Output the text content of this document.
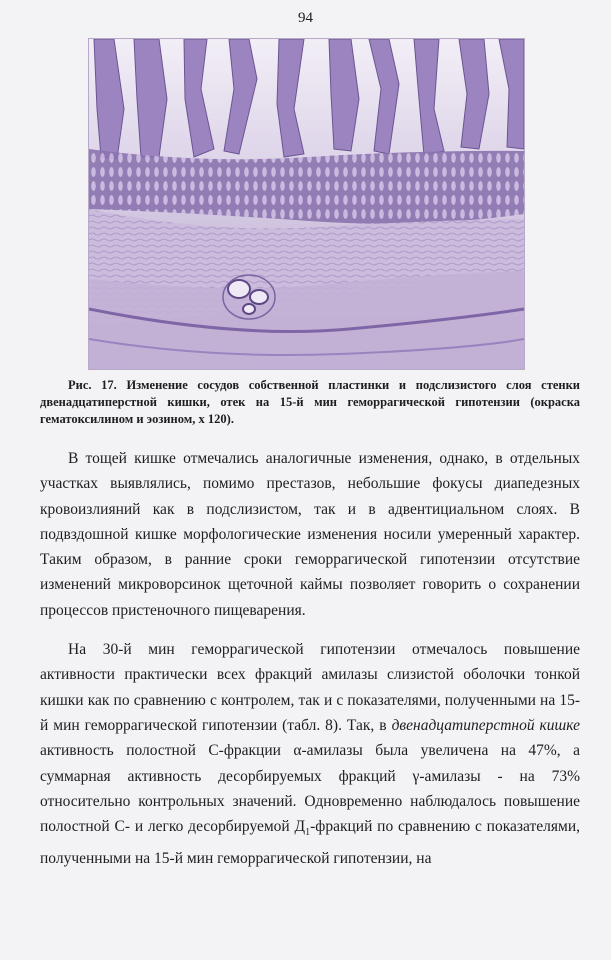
94
Рис. 17. Изменение сосудов собственной пластинки и подслизистого слоя стенки двенадцатиперстной кишки, отек на 15-й мин геморрагической гипотензии (окраска гематоксилином и эозином, х 120).

В тощей кишке отмечались аналогичные изменения, однако, в отдельных участках выявлялись, помимо престазов, небольшие фокусы диапедезных кровоизлияний как в подслизистом, так и в адвентициальном слоях. В подвздошной кишке морфологические изменения носили умеренный характер. Таким образом, в ранние сроки геморрагической гипотензии отсутствие изменений микроворсинок щеточной каймы позволяет говорить о сохранении процессов пристеночного пищеварения.

На 30-й мин геморрагической гипотензии отмечалось повышение активности практически всех фракций амилазы слизистой оболочки тонкой кишки как по сравнению с контролем, так и с показателями, полученными на 15-й мин геморрагической гипотензии (табл. 8). Так, в двенадцатиперстной кишке активность полостной С-фракции α-амилазы была увеличена на 47%, а суммарная активность десорбируемых фракций γ-амилазы - на 73% относительно контрольных значений. Одновременно наблюдалось повышение полостной С- и легко десорбируемой $Д_1$-фракций по сравнению с показателями, полученными на 15-й мин геморрагической гипотензии, на
